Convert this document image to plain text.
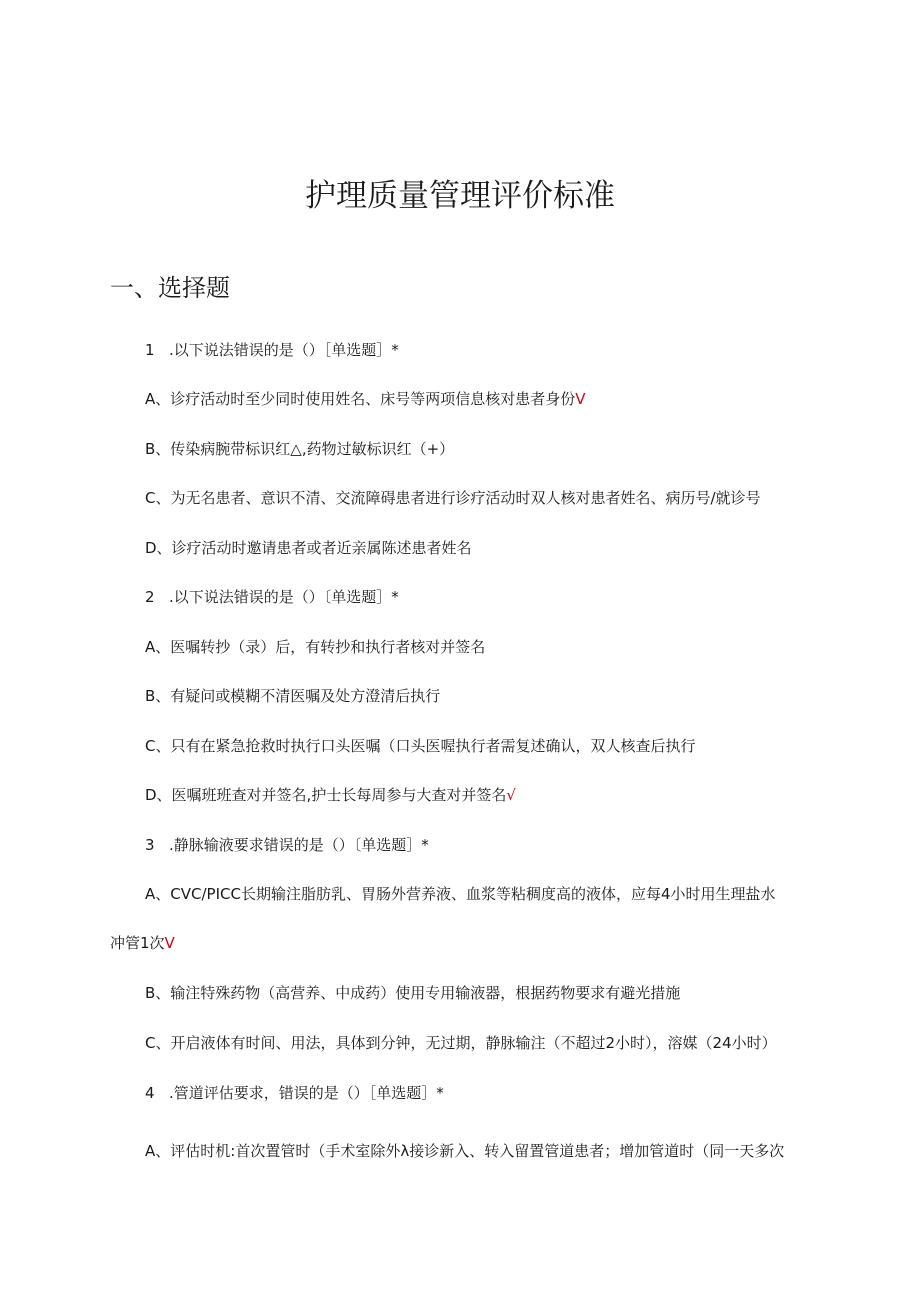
护理质量管理评价标准
一、选择题

1 .以下说法错误的是（）［单选题］*

A、诊疗活动时至少同时使用姓名、床号等两项信息核对患者身份V

B、传染病腕带标识红△,药物过敏标识红（+）

C、为无名患者、意识不清、交流障碍患者进行诊疗活动时双人核对患者姓名、病历号/就诊号

D、诊疗活动时邀请患者或者近亲属陈述患者姓名

2 .以下说法错误的是（）〔单选题］*

A、医嘱转抄（录）后，有转抄和执行者核对并签名

B、有疑问或模糊不清医嘱及处方澄清后执行

C、只有在紧急抢救时执行口头医嘱（口头医喔执行者需复述确认，双人核查后执行

D、医嘱班班查对并签名,护士长每周参与大查对并签名√

3 .静脉输液要求错误的是（）〔单选题］*

A、CVC/PICC长期输注脂肪乳、胃肠外营养液、血浆等粘稠度高的液体，应每4小时用生理盐水

冲管1次V

B、输注特殊药物（高营养、中成药）使用专用输液器，根据药物要求有避光措施

C、开启液体有时间、用法，具体到分钟，无过期，静脉输注（不超过2小时），溶媒（24小时）

4 .管道评估要求，错误的是（）［单选题］*

A、评估时机:首次置管时（手术室除外λ接诊新入、转入留置管道患者；增加管道时（同一天多次
